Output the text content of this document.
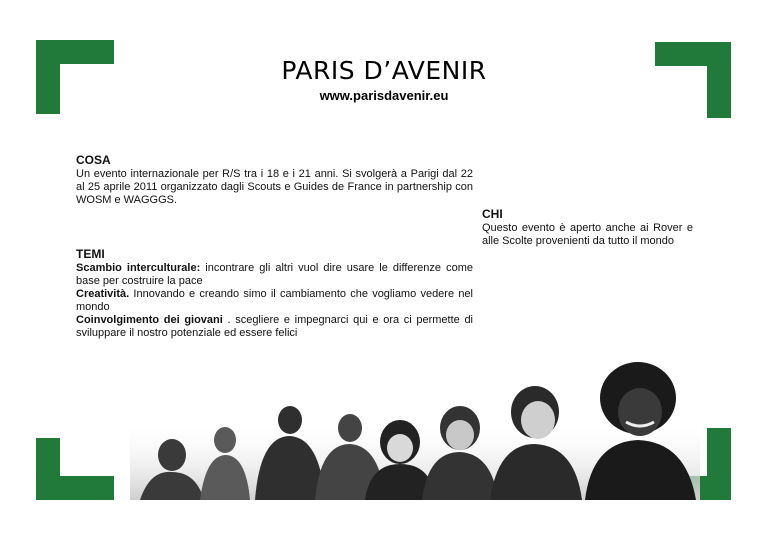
PARIS D’AVENIR
www.parisdavenir.eu
COSA
Un evento internazionale per R/S tra i 18 e i 21 anni. Si svolgerà a Parigi dal 22 al 25 aprile 2011 organizzato dagli Scouts e Guides de France in partnership con WOSM e WAGGGS.
CHI
Questo evento è aperto anche ai Rover e alle Scolte provenienti da tutto il mondo
TEMI
Scambio interculturale: incontrare gli altri vuol dire usare le differenze come base per costruire la pace
Creatività. Innovando e creando simo il cambiamento che vogliamo vedere nel mondo
Coinvolgimento dei giovani . scegliere e impegnarci qui e ora ci permette di sviluppare il nostro potenziale ed essere felici
